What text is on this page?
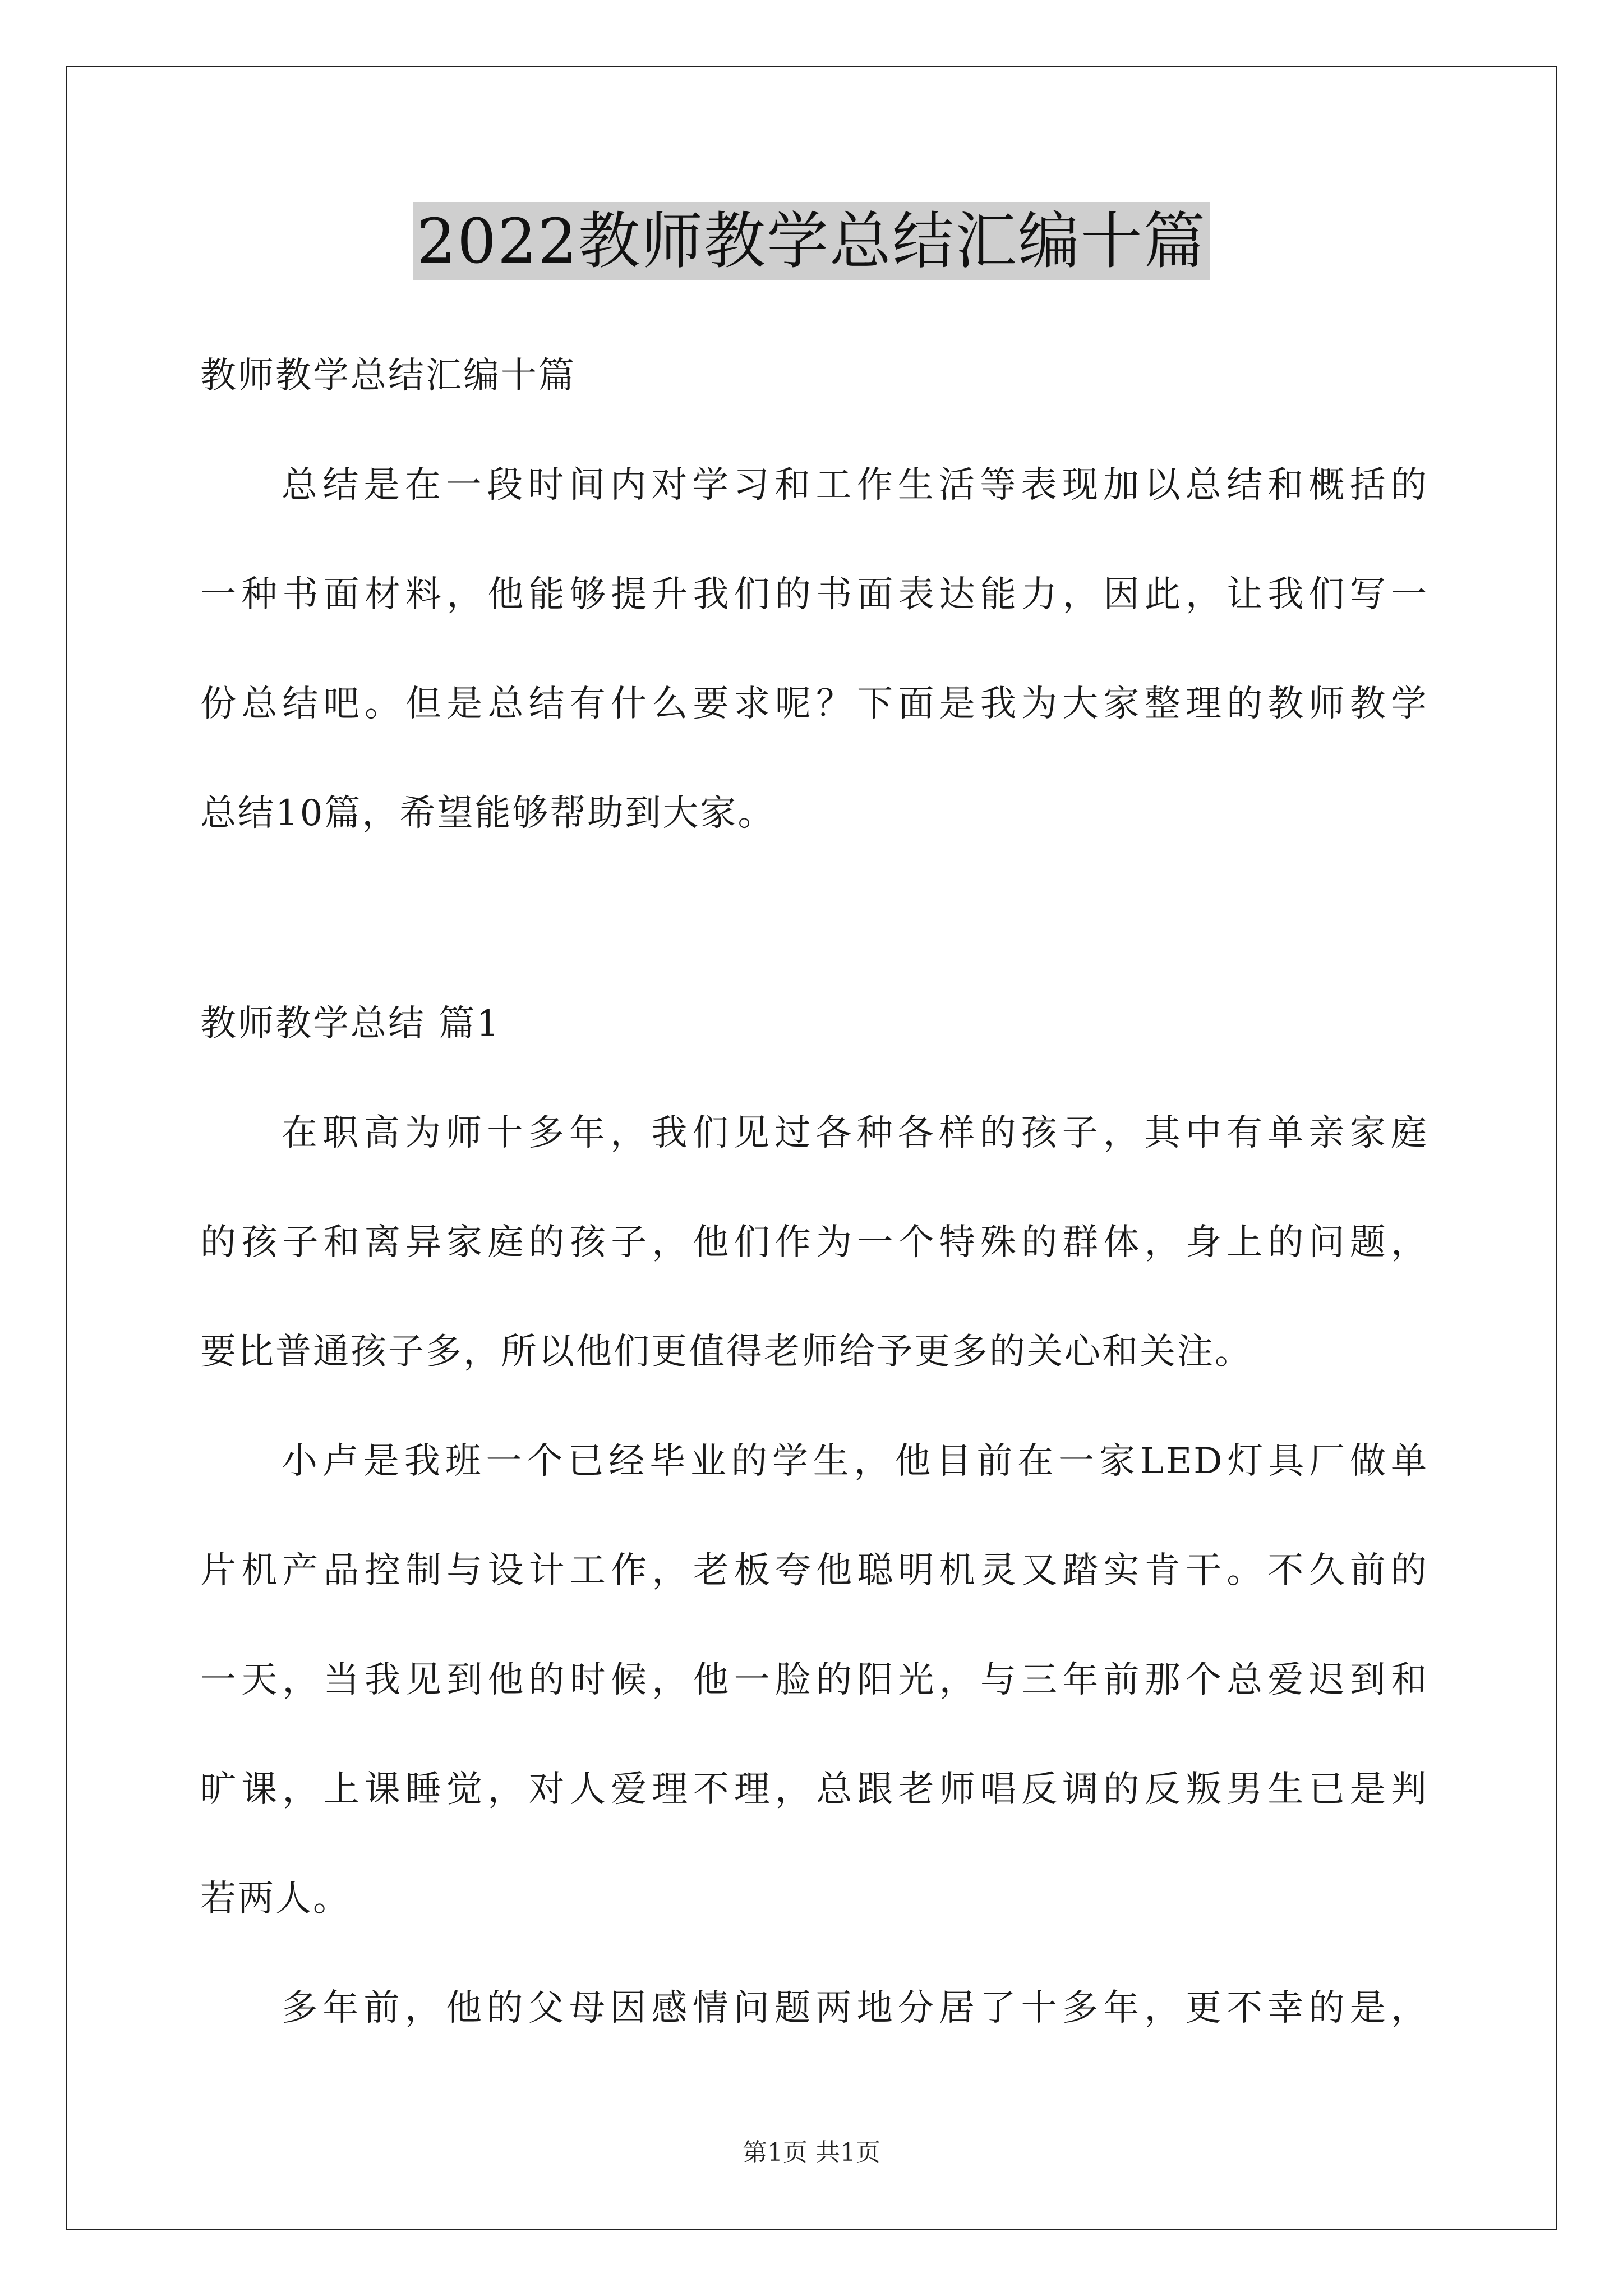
2022教师教学总结汇编十篇
教师教学总结汇编十篇
总结是在一段时间内对学习和工作生活等表现加以总结和概括的
一种书面材料，他能够提升我们的书面表达能力，因此，让我们写一
份总结吧。但是总结有什么要求呢？下面是我为大家整理的教师教学
总结10篇，希望能够帮助到大家。
教师教学总结 篇1
在职高为师十多年，我们见过各种各样的孩子，其中有单亲家庭
的孩子和离异家庭的孩子，他们作为一个特殊的群体，身上的问题，
要比普通孩子多，所以他们更值得老师给予更多的关心和关注。
小卢是我班一个已经毕业的学生，他目前在一家LED灯具厂做单
片机产品控制与设计工作，老板夸他聪明机灵又踏实肯干。不久前的
一天，当我见到他的时候，他一脸的阳光，与三年前那个总爱迟到和
旷课，上课睡觉，对人爱理不理，总跟老师唱反调的反叛男生已是判
若两人。
多年前，他的父母因感情问题两地分居了十多年，更不幸的是，
第1页 共1页
